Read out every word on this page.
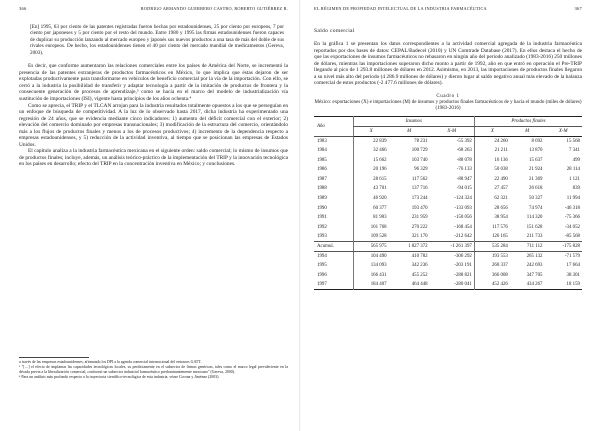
366	RODRIGO ARMANDO GUERRERO CASTRO, ROBERTO GUTIÉRREZ R.

[En] 1995, 63 por ciento de las patentes registradas fueron hechas por estadounidenses, 25 por ciento por europeos, 7 por ciento por japoneses y 5 por ciento por el resto del mundo. Entre 1980 y 1995 las firmas estadounidenses fueron capaces de duplicar su producción lanzando al mercado europeo y japonés sus nuevos productos a una tasa de más del doble de sus rivales europeos. De hecho, los estadounidenses tienen el 40 por ciento del mercado mundial de medicamentos (Gereva, 2003).

Es decir, que conforme aumentaron las relaciones comerciales entre los países de América del Norte, se incrementó la presencia de las patentes extranjeras de productos farmacéuticos en México, lo que implica que éstas dejaron de ser explotadas productivamente para transformarse en vehículos de beneficio comercial por la vía de la importación. Con ello, se cerró a la industria la posibilidad de transferir y adaptar tecnología a partir de la imitación de productos de frontera y la consecuente generación de procesos de aprendizaje,³ como se hacía en el marco del modelo de industrialización vía sustitución de importaciones (ISI), vigente hasta principios de los años ochenta.⁴

Como se aprecia, el TRIP y el TLCAN arrojan para la industria resultados totalmente opuestos a los que se perseguían en un enfoque de búsqueda de competitividad. A la luz de lo observado hasta 2017, dicha industria ha experimentado una regresión de 24 años, que se evidencia mediante cinco indicadores: 1) aumento del déficit comercial con el exterior; 2) elevación del comercio dominado por empresas transnacionales; 3) modificación de la estructura del comercio, orientándolo más a los flujos de productos finales y menos a los de procesos productivos; 4) incremento de la dependencia respecto a empresas estadounidenses, y 5) reducción de la actividad inventiva, al tiempo que se posicionan las empresas de Estados Unidos.

El capítulo analiza a la industria farmacéutica mexicana en el siguiente orden: saldo comercial; lo mismo de insumos que de productos finales; incluye, además, un análisis teórico-práctico de la implementación del TRIP y la innovación tecnológica en los países en desarrollo; efecto del TRIP en la concentración inventiva en México; y conclusiones.

a través de las empresas estadounidenses, afirmando los DPI a la agenda comercial internacional del entonces GATT.

³ "[…] el efecto de implantar las capacidades tecnológicas locales, su perdiciamente en el subsector de firmas genéricas, tales como el marco legal prevaleciente en la década previa a la liberalización comercial, conformó un subsector industrial farmacéutico predominantemente mexicano" (Gereva, 2000).

⁴ Para un análisis más profundo respecto a la trayectoria científico-tecnológica de esta industria, véase Corona y Jiménez (2003).

EL RÉGIMEN DE PROPIEDAD INTELECTUAL DE LA INDUSTRIA FARMACÉUTICA	367
Saldo comercial

En la gráfica 1 se presentan los datos correspondientes a la actividad comercial agregada de la industria farmacéutica reportados por dos bases de datos: CEPAL/Badecel (2010) y UN Comtrade Database (2017). En ellos destaca el hecho de que las exportaciones de insumos farmacéuticos no rebasaron en ningún año del periodo analizado (1983-2016) 250 millones de dólares, mientras las importaciones superaron dicho monto a partir de 1992, año en que entró en operación el Pre-TRIP llegando al pico de 1 293.8 millones de dólares en 2012. Asimismo, en 2013, las importaciones de productos finales llegaron a su nivel más alto del periodo (4 286.9 millones de dólares) y dieron lugar al saldo negativo anual más elevado de la balanza comercial de estos productos (-2 477.6 millones de dólares).

Cuadro 1
México: exportaciones (X) e importaciones (M) de insumos y productos finales farmacéuticos de y hacia el mundo (miles de dólares)
(1983-2016)
Año	Insumos			Productos finales		
	X	M	X-M	X	M	X-M
1983	22 839	78 231	-55 392	24 260	8 692	15 568
1984	32 466	100 729	-68 263	21 211	13 870	7 341
1985	15 662	103 740	-88 078	16 136	15 637	499
1986	20 196	96 329	-76 133	50 038	21 924	28 114
1987	28 615	117 562	-88 947	22 490	21 369	1 121
1988	43 701	137 716	-94 015	27 457	26 618	839
1989	46 920	173 244	-124 324	62 321	50 327	11 994
1990	60 377	193 470	-133 093	28 656	74 974	-46 318
1991	81 903	231 959	-150 056	38 954	114 320	-75 366
1992	101 768	270 222	-168 454	117 576	151 628	-34 052
1993	109 528	321 170	-212 642	126 165	211 733	-85 568
Acumul.	565 975	1 827 372	-1 261 397	535 284	711 112	-175 828
1994	104 490	410 782	-306 292	193 553	265 132	-71 579
1995	134 093	342 236	-203 191	260 337	242 693	17 664
1996	166 431	455 252	-288 821	366 008	347 705	38 301
1997	184 407	464 448	-280 041	452 426	434 267	18 159
